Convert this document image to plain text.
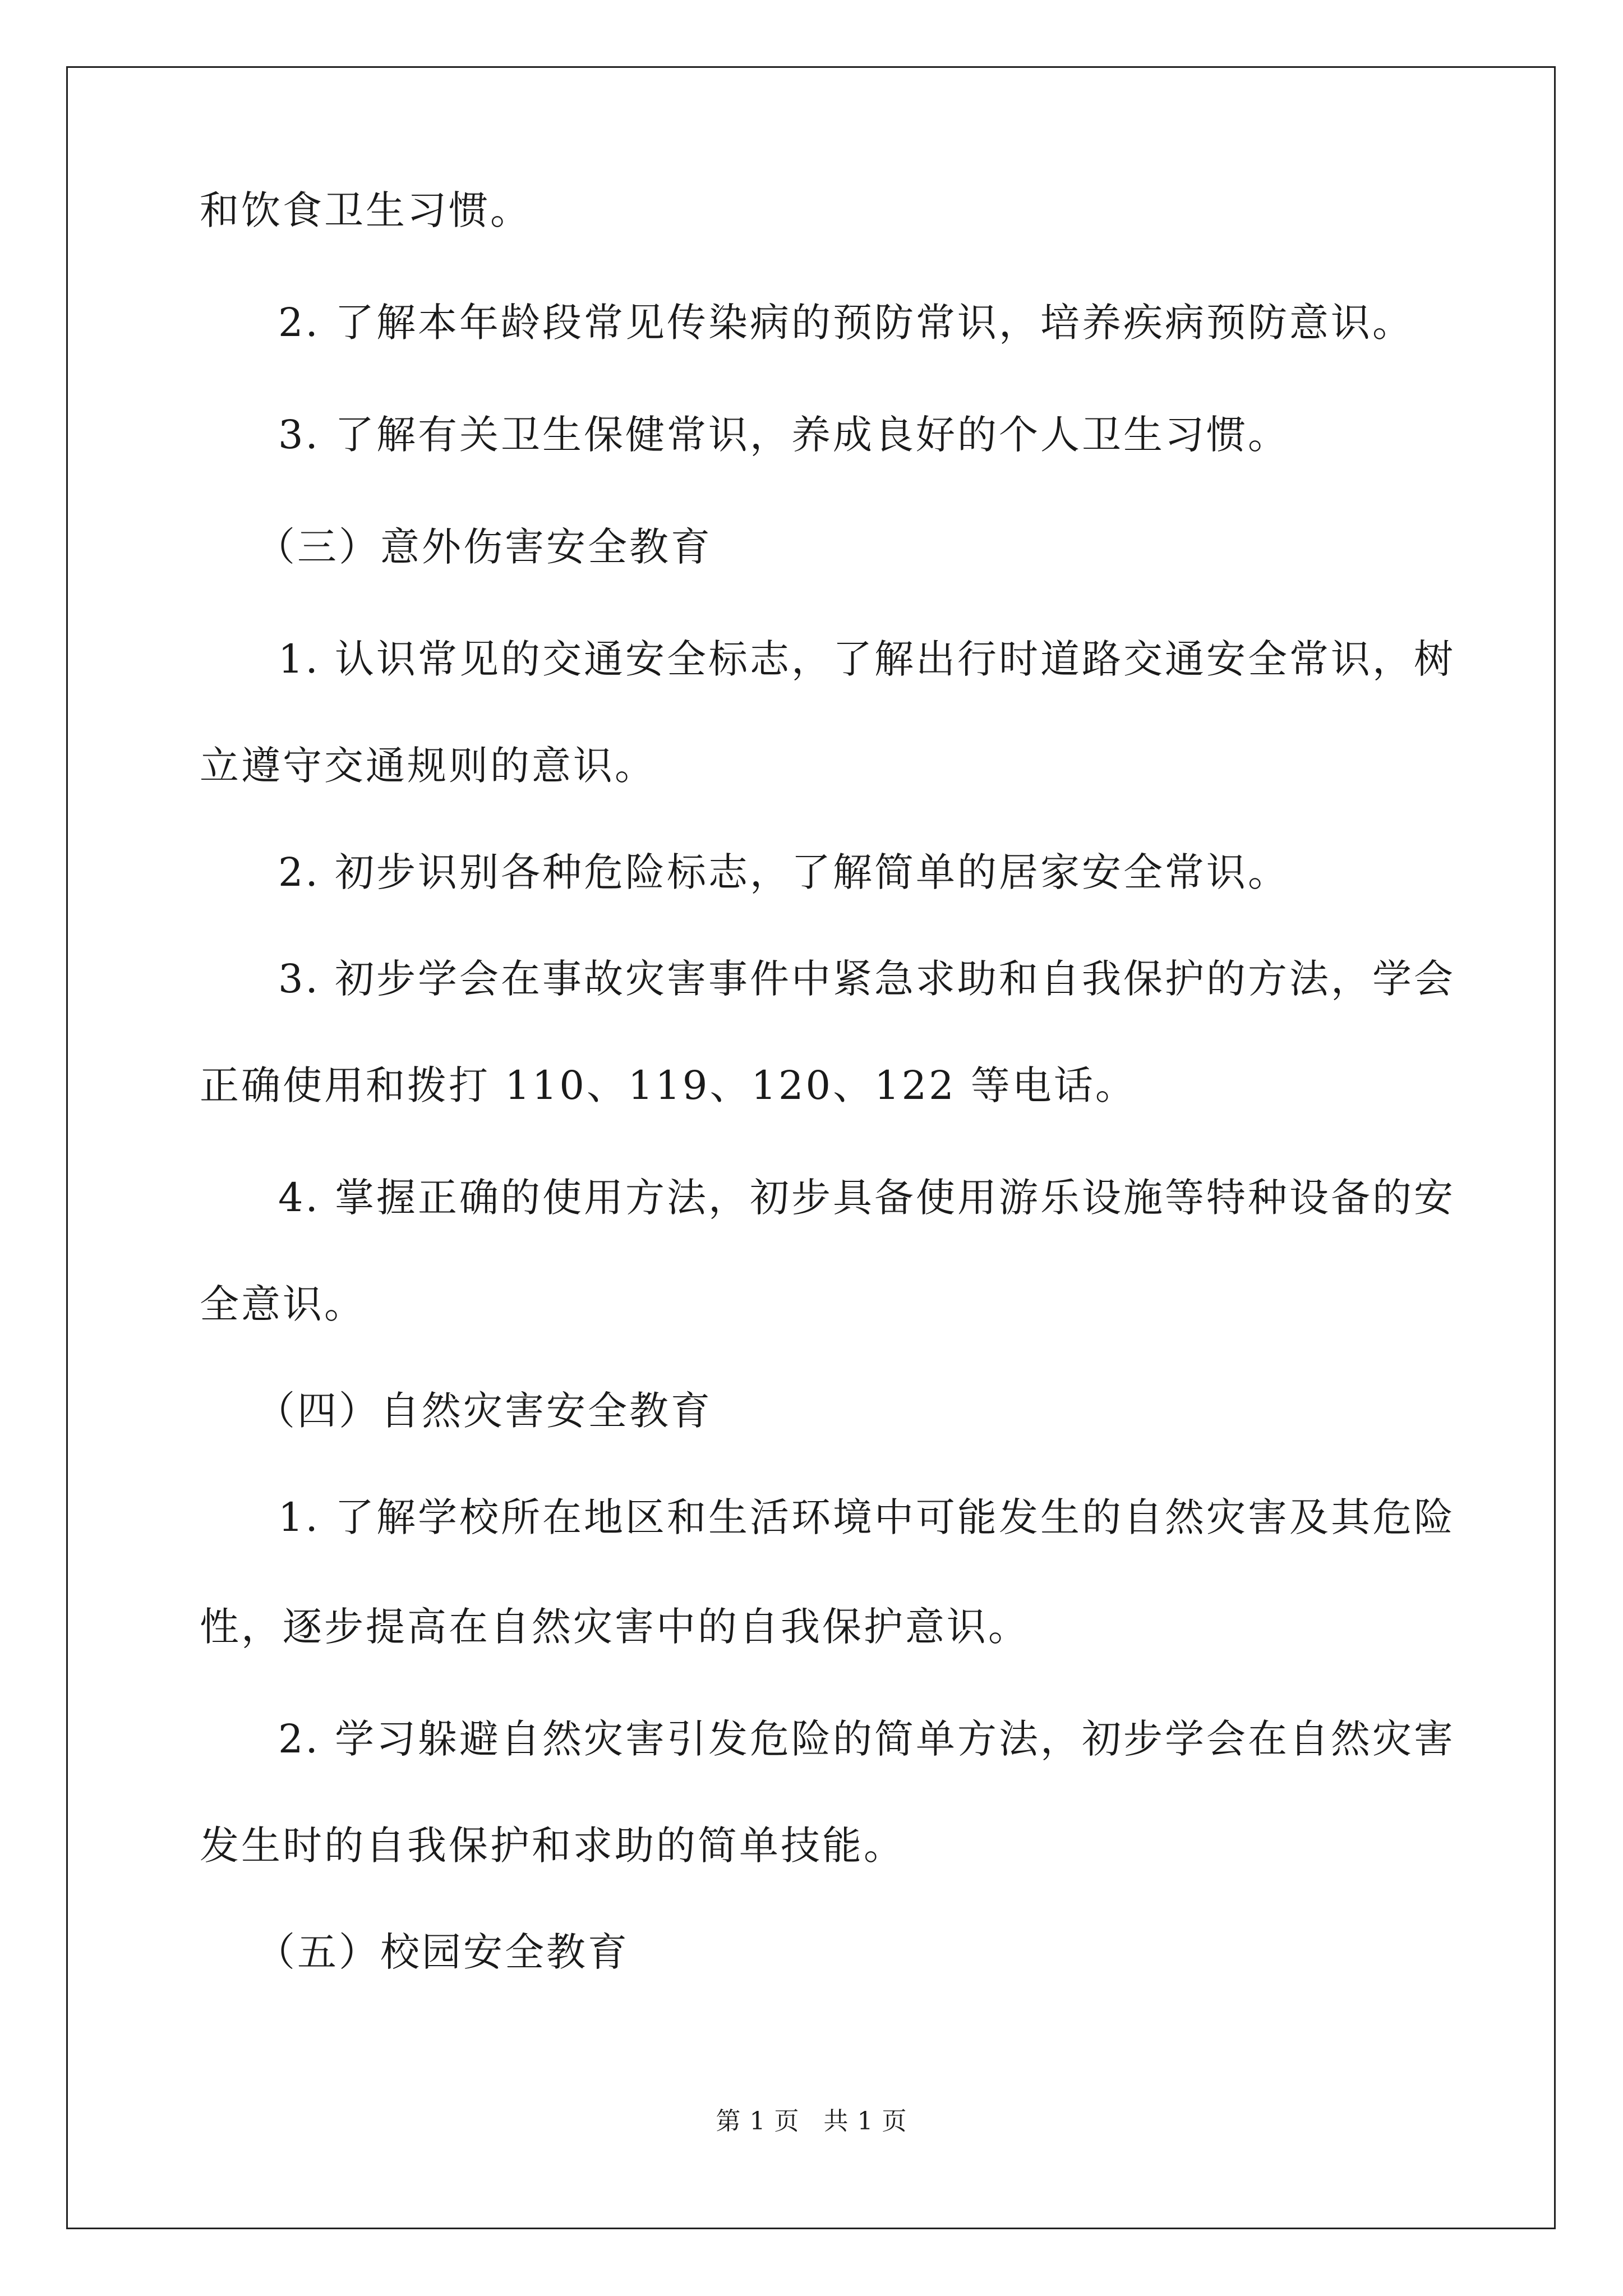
和饮食卫生习惯。
2. 了解本年龄段常见传染病的预防常识，培养疾病预防意识。
3. 了解有关卫生保健常识，养成良好的个人卫生习惯。
（三）意外伤害安全教育
1. 认识常见的交通安全标志，了解出行时道路交通安全常识，树
立遵守交通规则的意识。
2. 初步识别各种危险标志，了解简单的居家安全常识。
3. 初步学会在事故灾害事件中紧急求助和自我保护的方法，学会
正确使用和拨打 110、119、120、122 等电话。
4. 掌握正确的使用方法，初步具备使用游乐设施等特种设备的安
全意识。
（四）自然灾害安全教育
1. 了解学校所在地区和生活环境中可能发生的自然灾害及其危险
性，逐步提高在自然灾害中的自我保护意识。
2. 学习躲避自然灾害引发危险的简单方法，初步学会在自然灾害
发生时的自我保护和求助的简单技能。
（五）校园安全教育
第 1 页 共 1 页
